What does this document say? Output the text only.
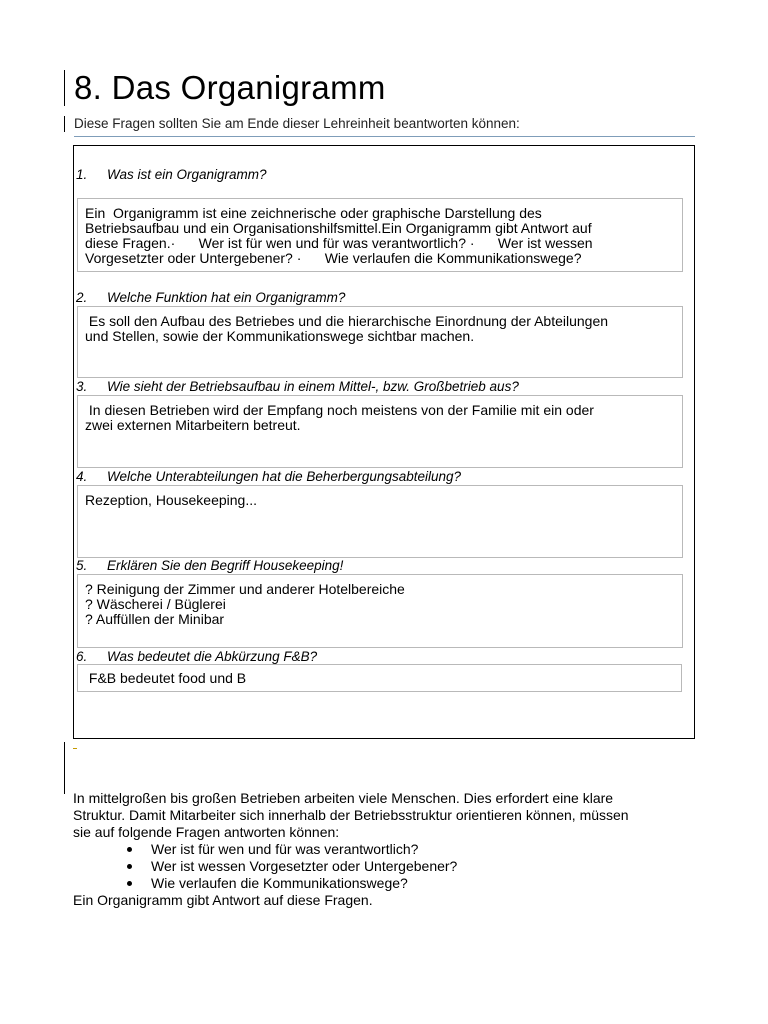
8. Das Organigramm
Diese Fragen sollten Sie am Ende dieser Lehreinheit beantworten können:
1. Was ist ein Organigramm?
Ein  Organigramm ist eine zeichnerische oder graphische Darstellung des
Betriebsaufbau und ein Organisationshilfsmittel.Ein Organigramm gibt Antwort auf
diese Fragen.·      Wer ist für wen und für was verantwortlich? ·      Wer ist wessen
Vorgesetzter oder Untergebener? ·      Wie verlaufen die Kommunikationswege?
2. Welche Funktion hat ein Organigramm?
Es soll den Aufbau des Betriebes und die hierarchische Einordnung der Abteilungen
und Stellen, sowie der Kommunikationswege sichtbar machen.
3. Wie sieht der Betriebsaufbau in einem Mittel-, bzw. Großbetrieb aus?
In diesen Betrieben wird der Empfang noch meistens von der Familie mit ein oder
zwei externen Mitarbeitern betreut.
4. Welche Unterabteilungen hat die Beherbergungsabteilung?
Rezeption, Housekeeping...
5. Erklären Sie den Begriff Housekeeping!
? Reinigung der Zimmer und anderer Hotelbereiche
? Wäscherei / Büglerei
? Auffüllen der Minibar
6. Was bedeutet die Abkürzung F&B?
F&B bedeutet food und B

In mittelgroßen bis großen Betrieben arbeiten viele Menschen. Dies erfordert eine klare

Struktur. Damit Mitarbeiter sich innerhalb der Betriebsstruktur orientieren können, müssen

sie auf folgende Fragen antworten können:

Wer ist für wen und für was verantwortlich?
Wer ist wessen Vorgesetzter oder Untergebener?
Wie verlaufen die Kommunikationswege?

Ein Organigramm gibt Antwort auf diese Fragen.
